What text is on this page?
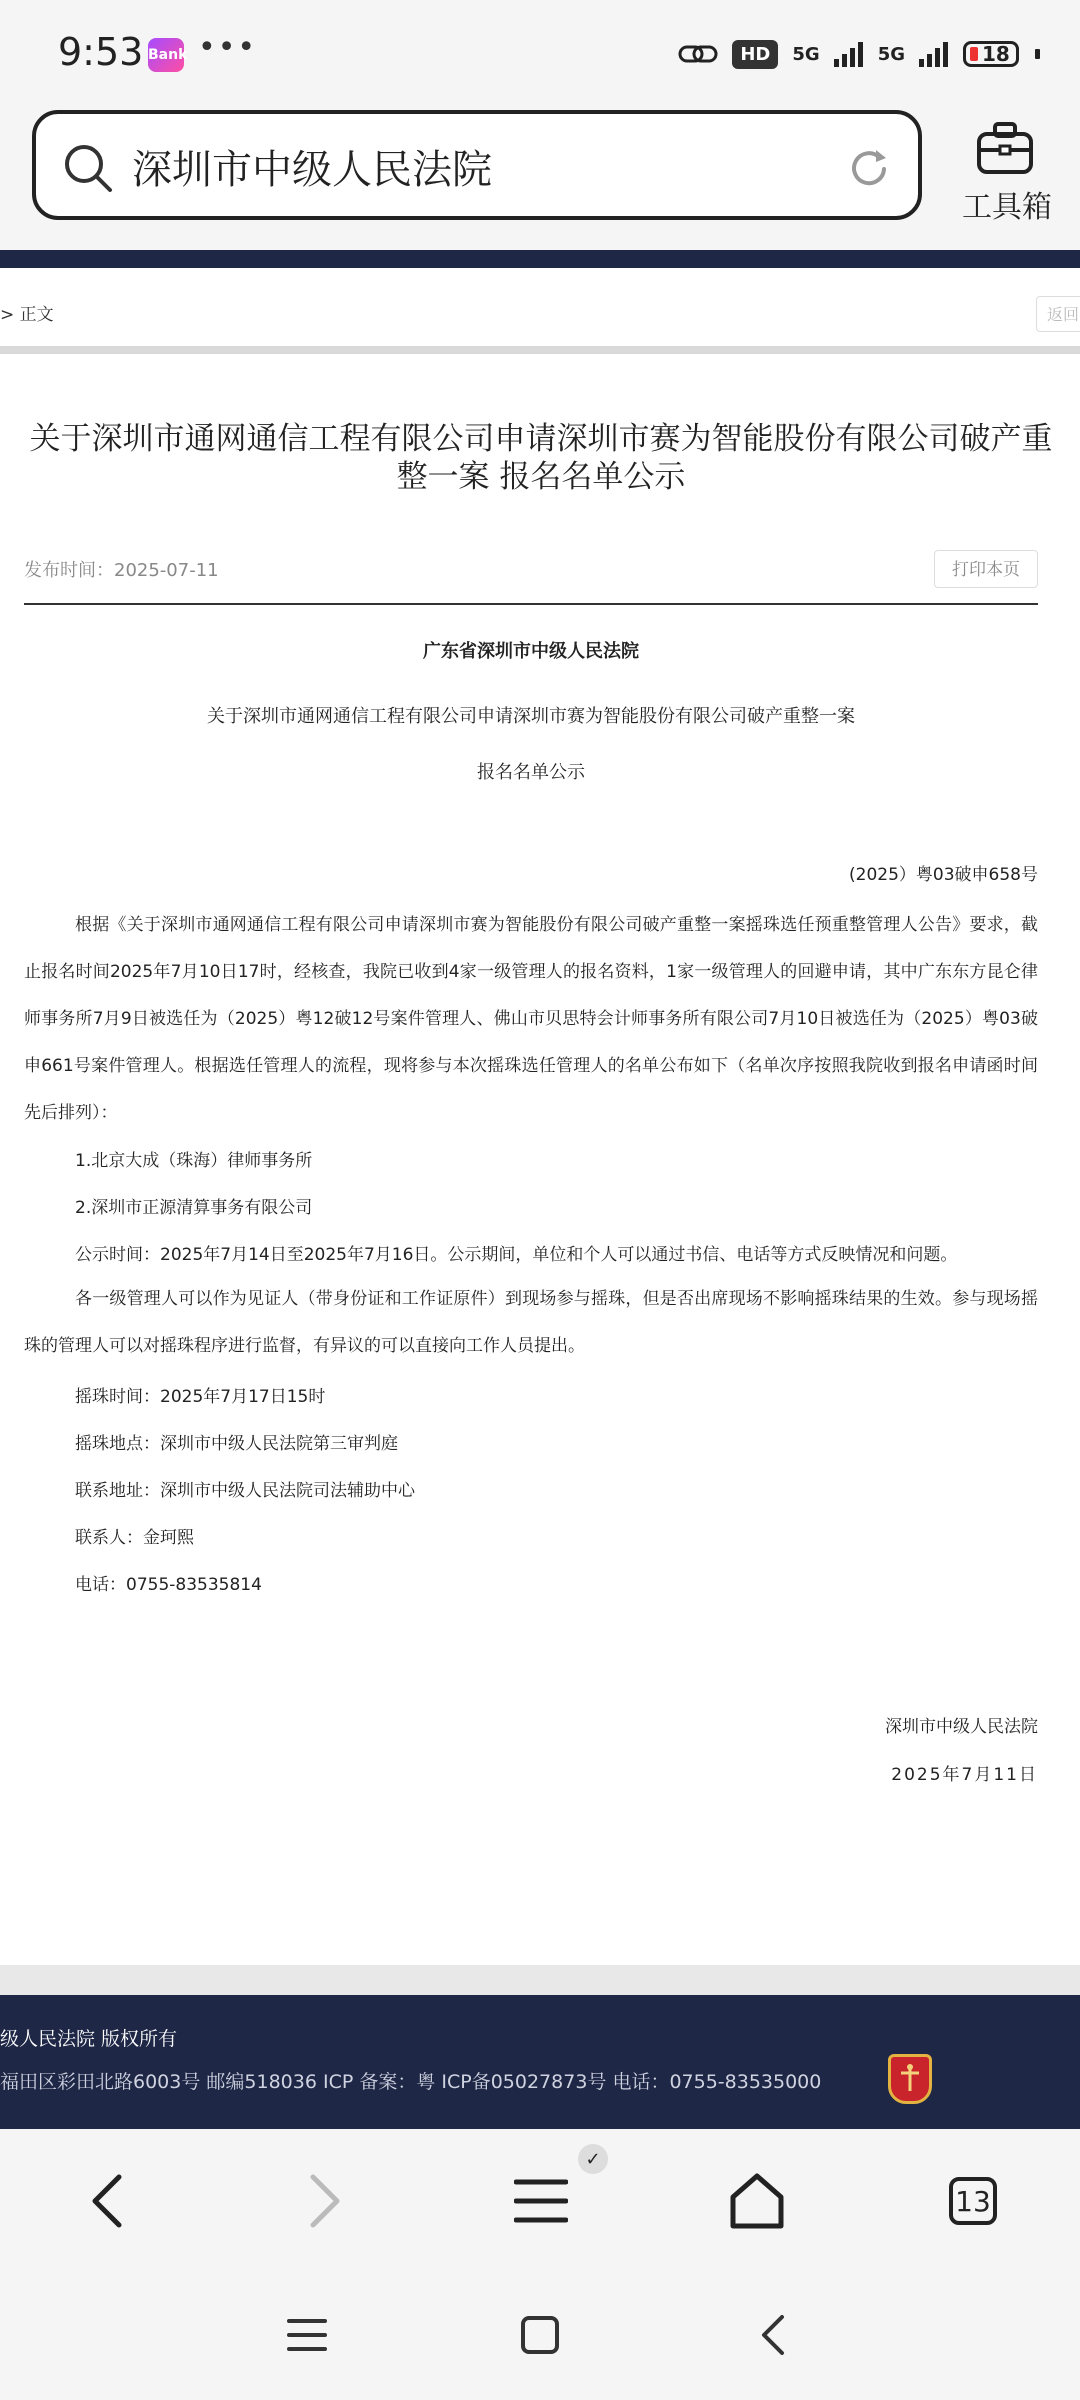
9:53 Bank •••	HD	5G	5G	18
深圳市中级人民法院
工具箱
> 正文	返回
关于深圳市通网通信工程有限公司申请深圳市赛为智能股份有限公司破产重整一案 报名名单公示
发布时间：2025-07-11	打印本页
广东省深圳市中级人民法院
关于深圳市通网通信工程有限公司申请深圳市赛为智能股份有限公司破产重整一案
报名名单公示
(2025）粤03破申658号
根据《关于深圳市通网通信工程有限公司申请深圳市赛为智能股份有限公司破产重整一案摇珠选任预重整管理人公告》要求，截止报名时间2025年7月10日17时，经核查，我院已收到4家一级管理人的报名资料，1家一级管理人的回避申请，其中广东东方昆仑律师事务所7月9日被选任为（2025）粤12破12号案件管理人、佛山市贝思特会计师事务所有限公司7月10日被选任为（2025）粤03破申661号案件管理人。根据选任管理人的流程，现将参与本次摇珠选任管理人的名单公布如下（名单次序按照我院收到报名申请函时间先后排列）：
1.北京大成（珠海）律师事务所
2.深圳市正源清算事务有限公司
公示时间：2025年7月14日至2025年7月16日。公示期间，单位和个人可以通过书信、电话等方式反映情况和问题。
各一级管理人可以作为见证人（带身份证和工作证原件）到现场参与摇珠，但是否出席现场不影响摇珠结果的生效。参与现场摇珠的管理人可以对摇珠程序进行监督，有异议的可以直接向工作人员提出。
摇珠时间：2025年7月17日15时
摇珠地点：深圳市中级人民法院第三审判庭
联系地址：深圳市中级人民法院司法辅助中心
联系人：金珂熙
电话：0755-83535814
深圳市中级人民法院
2025年7月11日
级人民法院 版权所有
福田区彩田北路6003号 邮编518036 ICP 备案：粤 ICP备05027873号 电话：0755-83535000
✓
13
